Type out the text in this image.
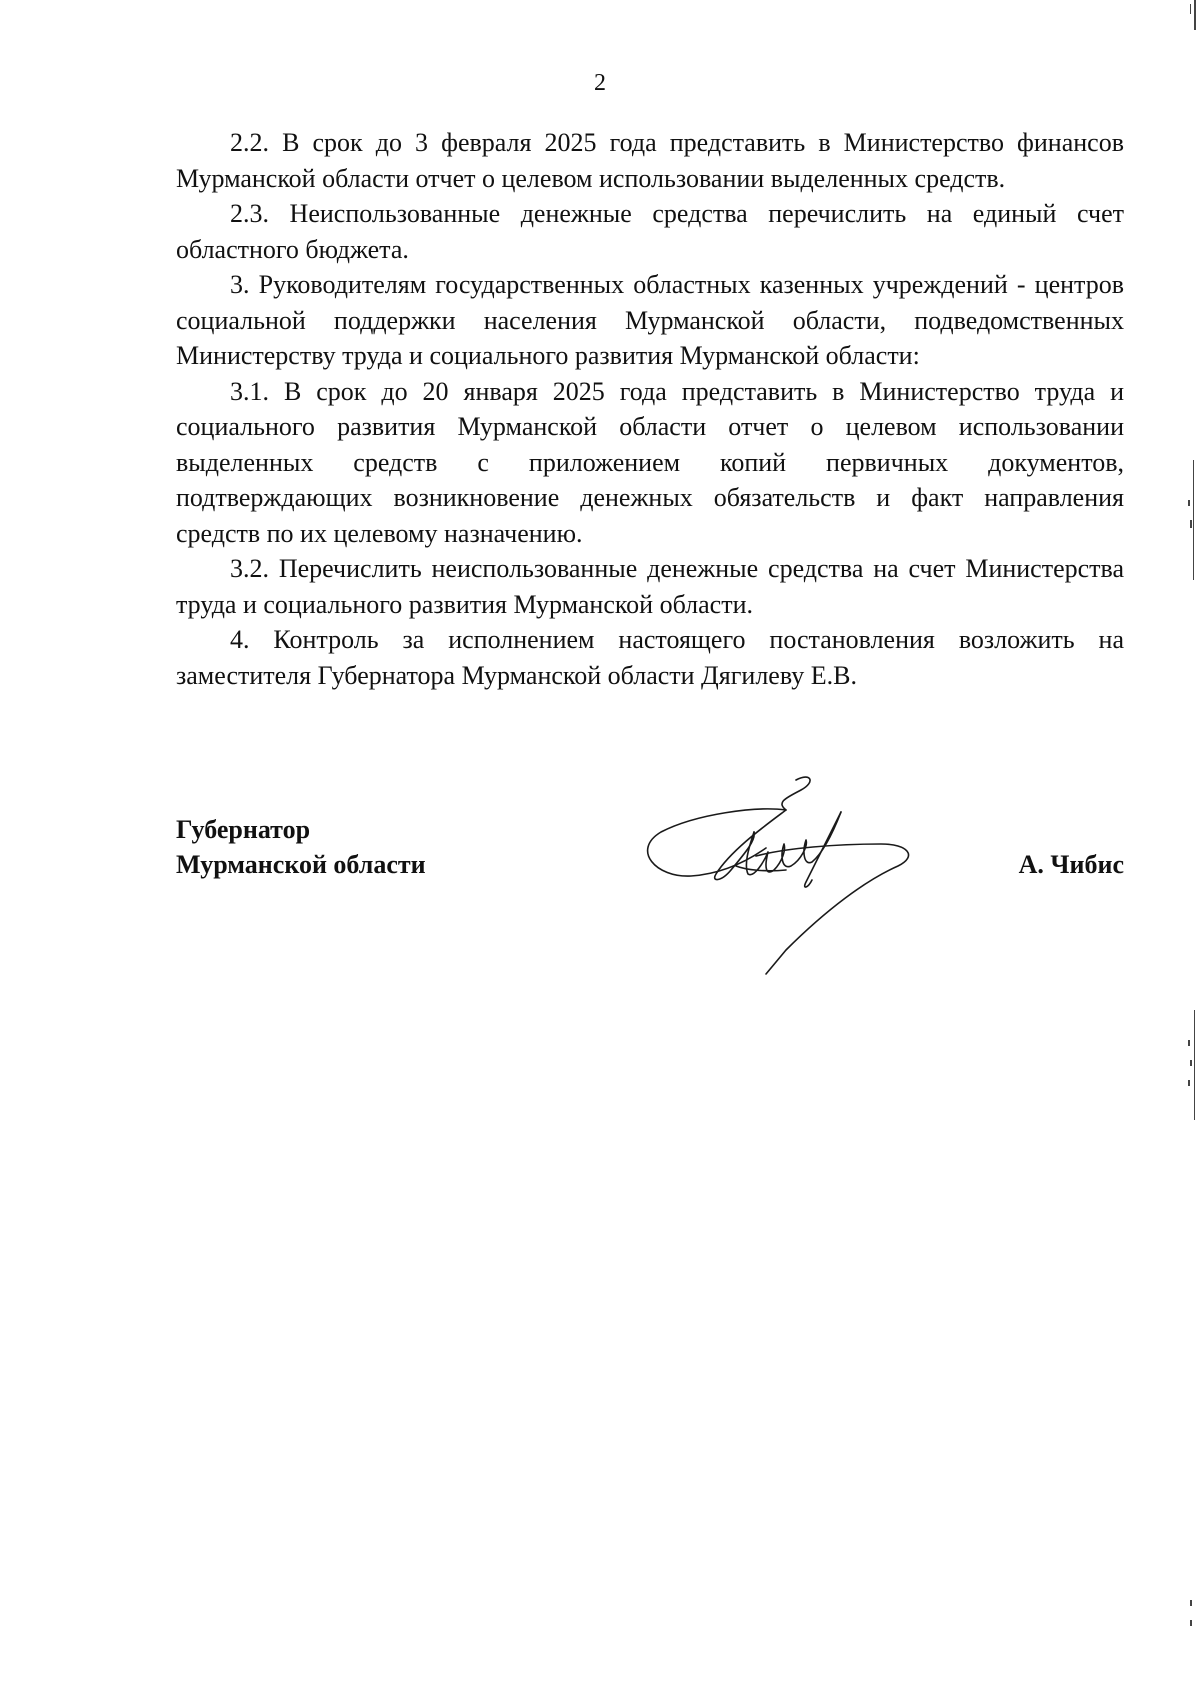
2

2.2. В срок до 3 февраля 2025 года представить в Министерство финансов Мурманской области отчет о целевом использовании выделенных средств.

2.3. Неиспользованные денежные средства перечислить на единый счет областного бюджета.

3. Руководителям государственных областных казенных учреждений - центров социальной поддержки населения Мурманской области, подведомственных Министерству труда и социального развития Мурманской области:

3.1. В срок до 20 января 2025 года представить в Министерство труда и социального развития Мурманской области отчет о целевом использовании выделенных средств с приложением копий первичных документов, подтверждающих возникновение денежных обязательств и факт направления средств по их целевому назначению.

3.2. Перечислить неиспользованные денежные средства на счет Министерства труда и социального развития Мурманской области.

4. Контроль за исполнением настоящего постановления возложить на заместителя Губернатора Мурманской области Дягилеву Е.В.

Губернатор
Мурманской области	А. Чибис
